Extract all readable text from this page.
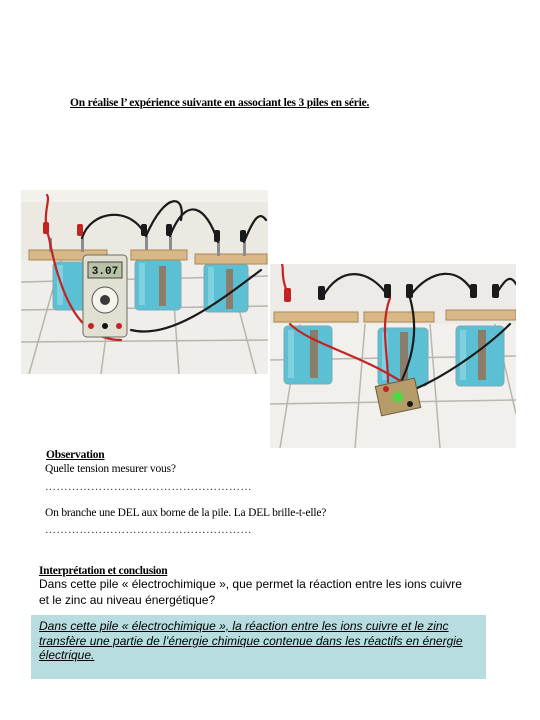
On réalise l’ expérience suivante en associant les 3 piles en série.
3.07
Observation
Quelle tension mesurer vous?
………………………………………………
On branche une DEL aux borne de la pile. La DEL brille-t-elle?
………………………………………………
Interprétation et conclusion
Dans cette pile « électrochimique », que permet la réaction entre les ions cuivre
et le zinc au niveau énergétique?
Dans cette pile « électrochimique », la réaction entre les ions cuivre et le zinc transfère une partie de l’énergie chimique contenue dans les réactifs en énergie électrique.
